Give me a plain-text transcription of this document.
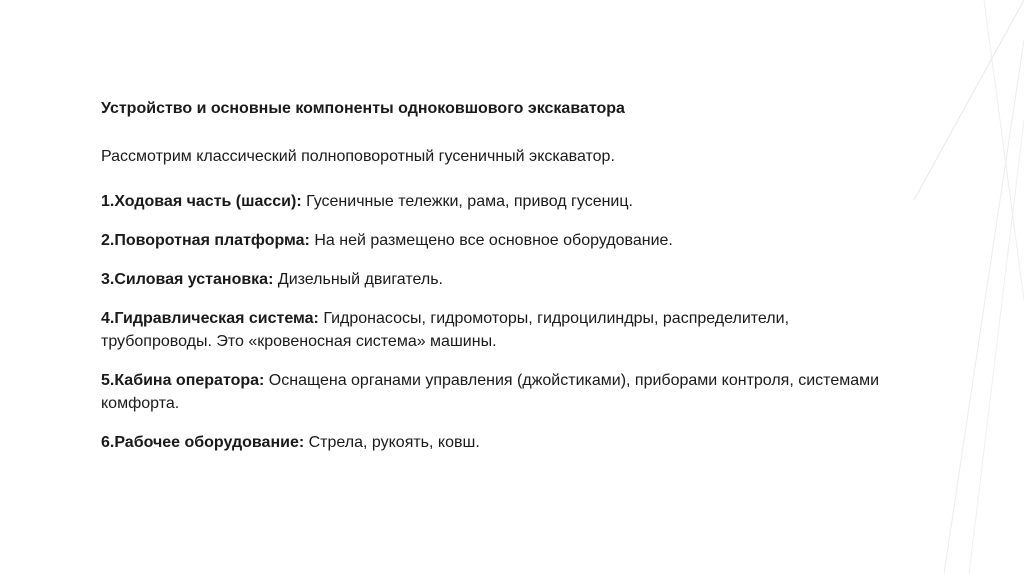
Устройство и основные компоненты одноковшового экскаватора

Рассмотрим классический полноповоротный гусеничный экскаватор.

1.Ходовая часть (шасси): Гусеничные тележки, рама, привод гусениц.

2.Поворотная платформа: На ней размещено все основное оборудование.

3.Силовая установка: Дизельный двигатель.

4.Гидравлическая система: Гидронасосы, гидромоторы, гидроцилиндры, распределители, трубопроводы. Это «кровеносная система» машины.

5.Кабина оператора: Оснащена органами управления (джойстиками), приборами контроля, системами комфорта.

6.Рабочее оборудование: Стрела, рукоять, ковш.
